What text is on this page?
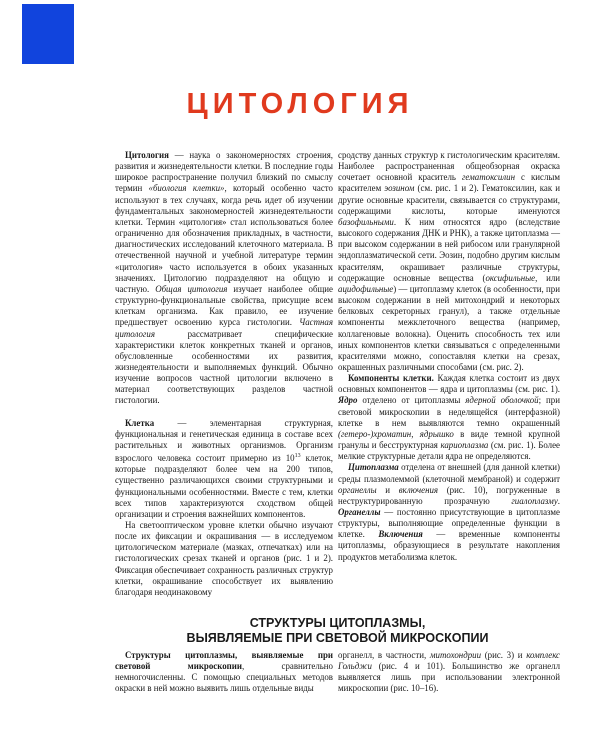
ЦИТОЛОГИЯ

Цитология — наука о закономерностях строения, развития и жизнедеятельности клетки. В последние годы широкое распространение получил близкий по смыслу термин «биология клетки», который особенно часто используют в тех случаях, когда речь идет об изучении фундаментальных закономерностей жизнедеятельности клетки. Термин «цитология» стал использоваться более ограниченно для обозначения прикладных, в частности, диагностических исследований клеточного материала. В отечественной научной и учебной литературе термин «цитология» часто используется в обоих указанных значениях. Цитологию подразделяют на общую и частную. Общая цитология изучает наиболее общие структурно-функциональные свойства, присущие всем клеткам организма. Как правило, ее изучение предшествует освоению курса гистологии. Частная цитология рассматривает специфические характеристики клеток конкретных тканей и органов, обусловленные особенностями их развития, жизнедеятельности и выполняемых функций. Обычно изучение вопросов частной цитологии включено в материал соответствующих разделов частной гистологии.

Клетка — элементарная структурная, функциональная и генетическая единица в составе всех растительных и животных организмов. Организм взрослого человека состоит примерно из $10^{13}$ клеток, которые подразделяют более чем на 200 типов, существенно различающихся своими структурными и функциональными особенностями. Вместе с тем, клетки всех типов характеризуются сходством общей организации и строения важнейших компонентов.

На светооптическом уровне клетки обычно изучают после их фиксации и окрашивания — в исследуемом цитологическом материале (мазках, отпечатках) или на гистологических срезах тканей и органов (рис. 1 и 2). Фиксация обеспечивает сохранность различных структур клетки, окрашивание способствует их выявлению благодаря неодинаковому

сродству данных структур к гистологическим красителям. Наиболее распространенная общеобзорная окраска сочетает основной краситель гематоксилин с кислым красителем эозином (см. рис. 1 и 2). Гематоксилин, как и другие основные красители, связывается со структурами, содержащими кислоты, которые именуются базофильными. К ним относятся ядро (вследствие высокого содержания ДНК и РНК), а также цитоплазма — при высоком содержании в ней рибосом или гранулярной эндоплазматической сети. Эозин, подобно другим кислым красителям, окрашивает различные структуры, содержащие основные вещества (оксифильные, или ацидофильные) — цитоплазму клеток (в особенности, при высоком содержании в ней митохондрий и некоторых белковых секреторных гранул), а также отдельные компоненты межклеточного вещества (например, коллагеновые волокна). Оценить способность тех или иных компонентов клетки связываться с определенными красителями можно, сопоставляя клетки на срезах, окрашенных различными способами (см. рис. 2).

Компоненты клетки. Каждая клетка состоит из двух основных компонентов — ядра и цитоплазмы (см. рис. 1). Ядро отделено от цитоплазмы ядерной оболочкой; при световой микроскопии в неделящейся (интерфазной) клетке в нем выявляются темно окрашенный (гетеро-)хроматин, ядрышко в виде темной крупной гранулы и бесструктурная кариоплазма (см. рис. 1). Более мелкие структурные детали ядра не определяются.

Цитоплазма отделена от внешней (для данной клетки) среды плазмолеммой (клеточной мембраной) и содержит органеллы и включения (рис. 10), погруженные в неструктурированную прозрачную гиалоплазму. Органеллы — постоянно присутствующие в цитоплазме структуры, выполняющие определенные функции в клетке. Включения — временные компоненты цитоплазмы, образующиеся в результате накопления продуктов метаболизма клеток.

СТРУКТУРЫ ЦИТОПЛАЗМЫ,
ВЫЯВЛЯЕМЫЕ ПРИ СВЕТОВОЙ МИКРОСКОПИИ

Структуры цитоплазмы, выявляемые при световой микроскопии, сравнительно немногочисленны. С помощью специальных методов окраски в ней можно выявить лишь отдельные виды

органелл, в частности, митохондрии (рис. 3) и комплекс Гольджи (рис. 4 и 101). Большинство же органелл выявляется лишь при использовании электронной микроскопии (рис. 10–16).
